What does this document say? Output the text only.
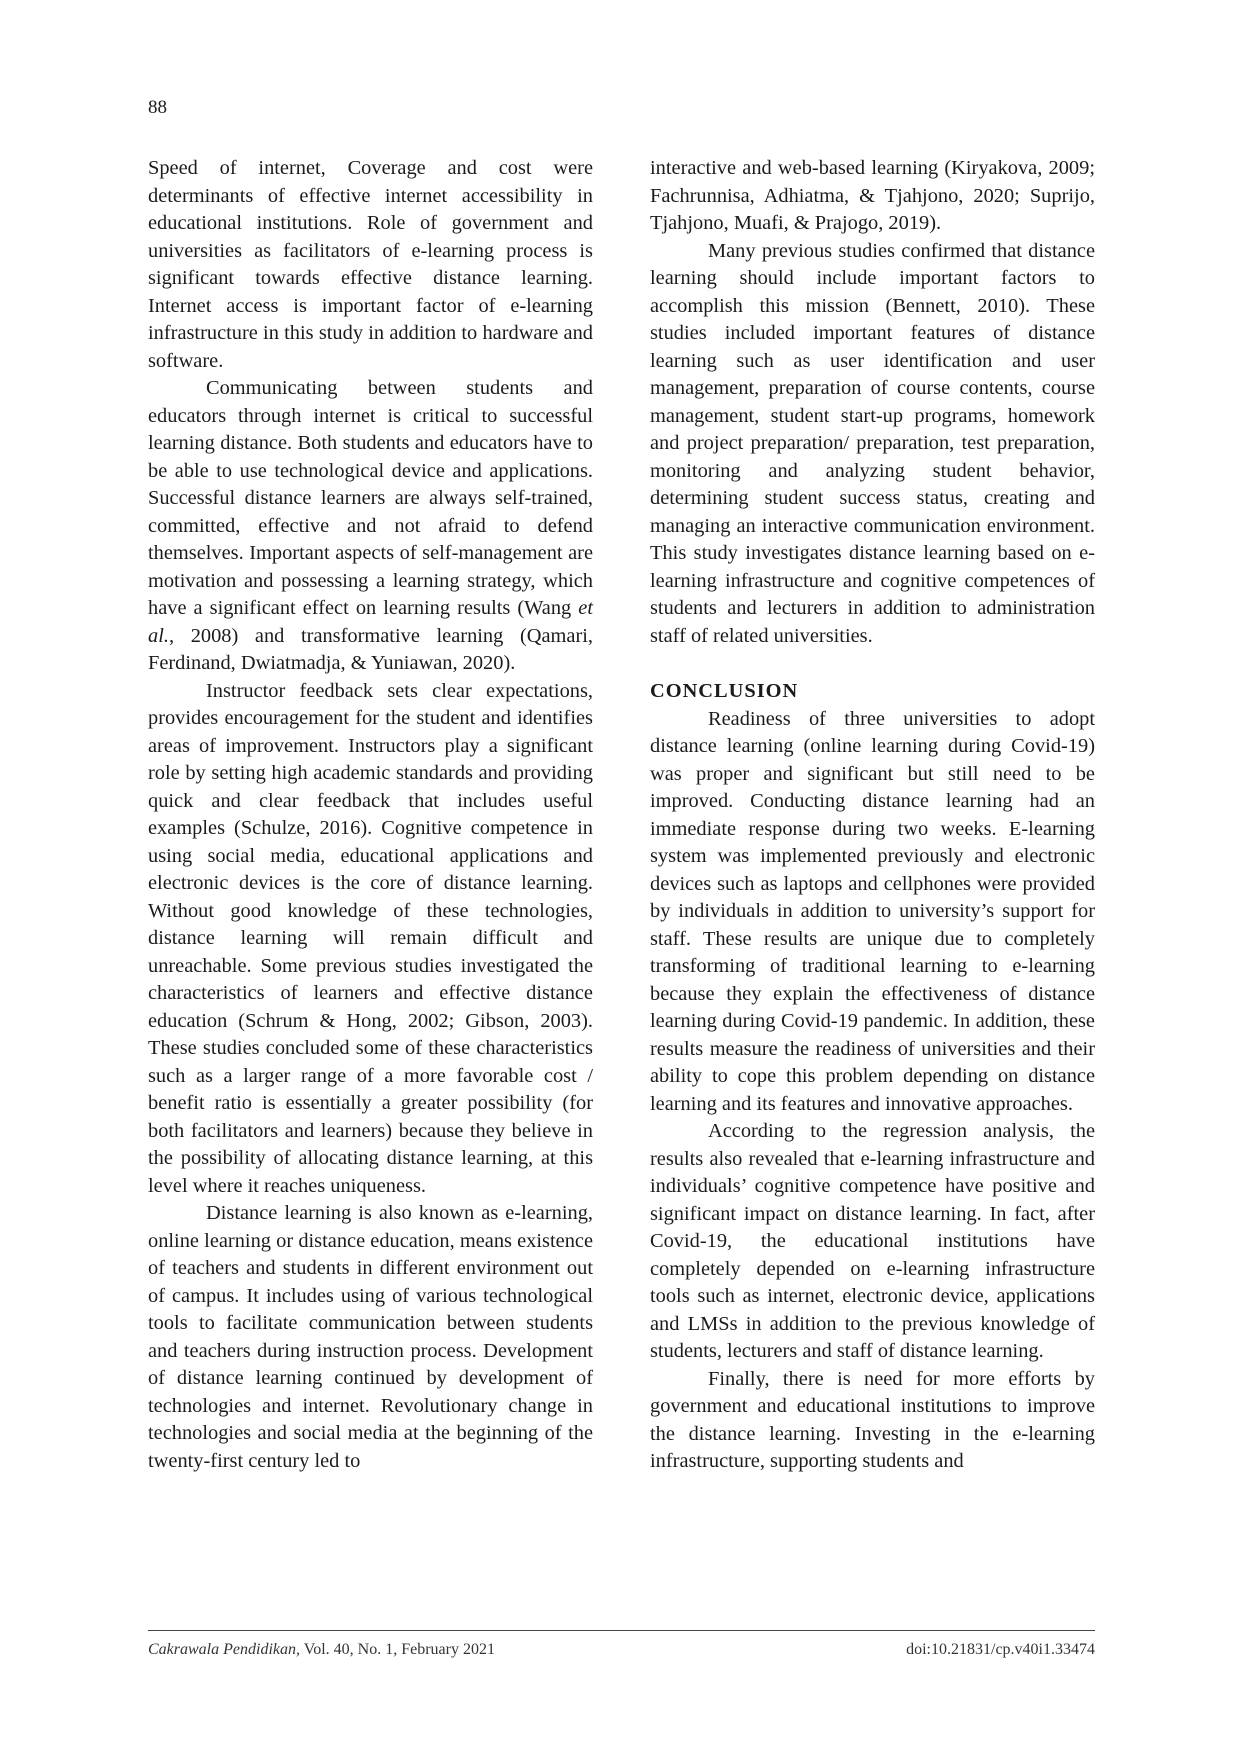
88

Speed of internet, Coverage and cost were determinants of effective internet accessibility in educational institutions. Role of government and universities as facilitators of e-learning process is significant towards effective distance learning. Internet access is important factor of e-learning infrastructure in this study in addition to hardware and software.

Communicating between students and educators through internet is critical to successful learning distance. Both students and educators have to be able to use technological device and applications. Successful distance learners are always self-trained, committed, effective and not afraid to defend themselves. Important aspects of self-management are motivation and possessing a learning strategy, which have a significant effect on learning results (Wang et al., 2008) and transformative learning (Qamari, Ferdinand, Dwiatmadja, & Yuniawan, 2020).

Instructor feedback sets clear expectations, provides encouragement for the student and identifies areas of improvement. Instructors play a significant role by setting high academic standards and providing quick and clear feedback that includes useful examples (Schulze, 2016). Cognitive competence in using social media, educational applications and electronic devices is the core of distance learning. Without good knowledge of these technologies, distance learning will remain difficult and unreachable. Some previous studies investigated the characteristics of learners and effective distance education (Schrum & Hong, 2002; Gibson, 2003). These studies concluded some of these characteristics such as a larger range of a more favorable cost / benefit ratio is essentially a greater possibility (for both facilitators and learners) because they believe in the possibility of allocating distance learning, at this level where it reaches uniqueness.

Distance learning is also known as e-learning, online learning or distance education, means existence of teachers and students in different environment out of campus. It includes using of various technological tools to facilitate communication between students and teachers during instruction process. Development of distance learning continued by development of technologies and internet. Revolutionary change in technologies and social media at the beginning of the twenty-first century led to

interactive and web-based learning (Kiryakova, 2009; Fachrunnisa, Adhiatma, & Tjahjono, 2020; Suprijo, Tjahjono, Muafi, & Prajogo, 2019).

Many previous studies confirmed that distance learning should include important factors to accomplish this mission (Bennett, 2010). These studies included important features of distance learning such as user identification and user management, preparation of course contents, course management, student start-up programs, homework and project preparation/ preparation, test preparation, monitoring and analyzing student behavior, determining student success status, creating and managing an interactive communication environment. This study investigates distance learning based on e-learning infrastructure and cognitive competences of students and lecturers in addition to administration staff of related universities.

CONCLUSION

Readiness of three universities to adopt distance learning (online learning during Covid-19) was proper and significant but still need to be improved. Conducting distance learning had an immediate response during two weeks. E-learning system was implemented previously and electronic devices such as laptops and cellphones were provided by individuals in addition to university’s support for staff. These results are unique due to completely transforming of traditional learning to e-learning because they explain the effectiveness of distance learning during Covid-19 pandemic. In addition, these results measure the readiness of universities and their ability to cope this problem depending on distance learning and its features and innovative approaches.

According to the regression analysis, the results also revealed that e-learning infrastructure and individuals’ cognitive competence have positive and significant impact on distance learning. In fact, after Covid-19, the educational institutions have completely depended on e-learning infrastructure tools such as internet, electronic device, applications and LMSs in addition to the previous knowledge of students, lecturers and staff of distance learning.

Finally, there is need for more efforts by government and educational institutions to improve the distance learning. Investing in the e-learning infrastructure, supporting students and

Cakrawala Pendidikan, Vol. 40, No. 1, February 2021	doi:10.21831/cp.v40i1.33474
